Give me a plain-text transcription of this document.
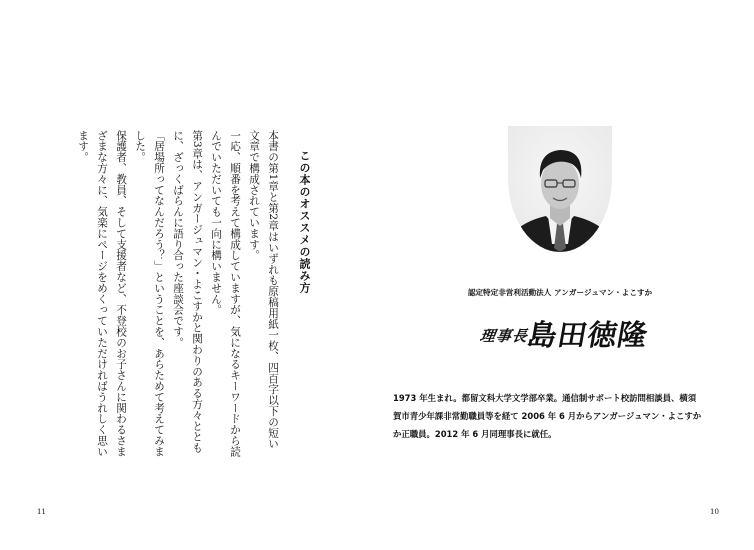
この本のオススメの読み方

本書の第1章と第2章はいずれも原稿用紙一枚、四百字以下の短い文章で構成されています。

一応、順番を考えて構成していますが、気になるキーワードから読んでいただいても一向に構いません。

第3章は、アンガージュマン・よこすかと関わりのある方々とともに、ざっくばらんに語り合った座談会です。

「居場所ってなんだろう？」ということを、あらためて考えてみました。

保護者、教員、そして支援者など、不登校のお子さんに関わるさまざまな方々に、気楽にページをめくっていただければうれしく思います。

11
認定特定非営利活動法人 アンガージュマン・よこすか
理事長
島田徳隆

1973 年生まれ。都留文科大学文学部卒業。通信制サポート校訪問相談員、横須

賀市青少年課非常勤職員等を経て 2006 年 6 月からアンガージュマン・よこすか

か正職員。2012 年 6 月同理事長に就任。

10
